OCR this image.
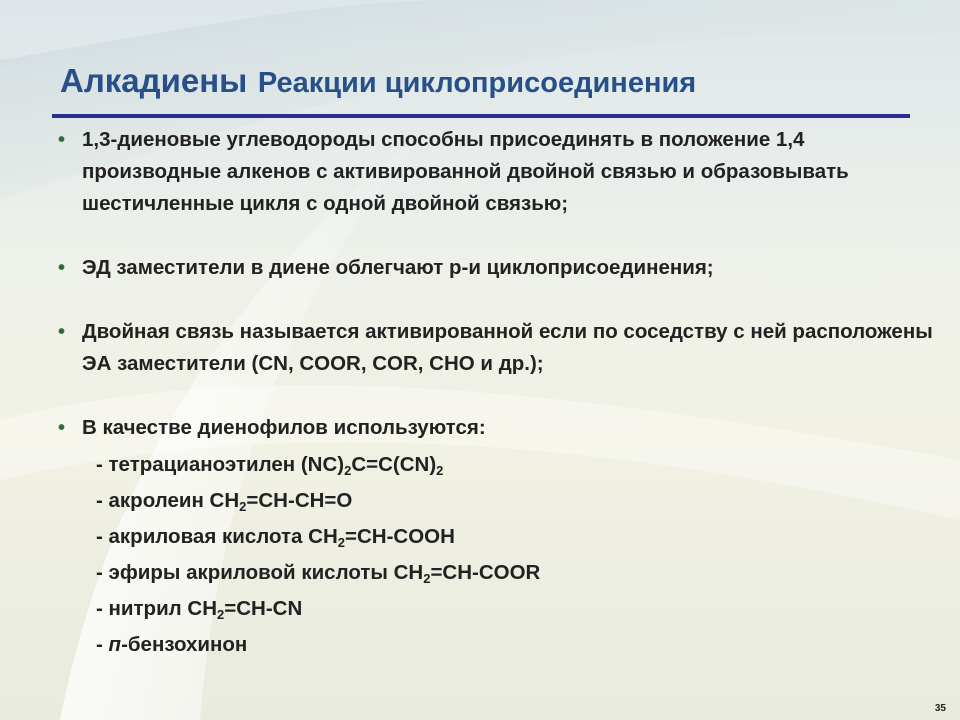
Алкадиены Реакции циклоприсоединения
• 1,3-диеновые углеводороды способны присоединять в положение 1,4 производные алкенов с активированной двойной связью и образовывать шестичленные цикля с одной двойной связью;
• ЭД заместители в диене облегчают р-и циклоприсоединения;
• Двойная связь называется активированной если по соседству с ней расположены ЭА заместители (CN, COOR, COR, CHO и др.);
• В качестве диенофилов используются:
- тетрацианоэтилен $(NC)_2C=C(CN)_2$
- акролеин $CH_2=CH-CH=O$
- акриловая кислота $CH_2=CH$-COOH
- эфиры акриловой кислоты $CH_2=CH$-COOR
- нитрил $CH_2=CH-CN$
- п-бензохинон
35
